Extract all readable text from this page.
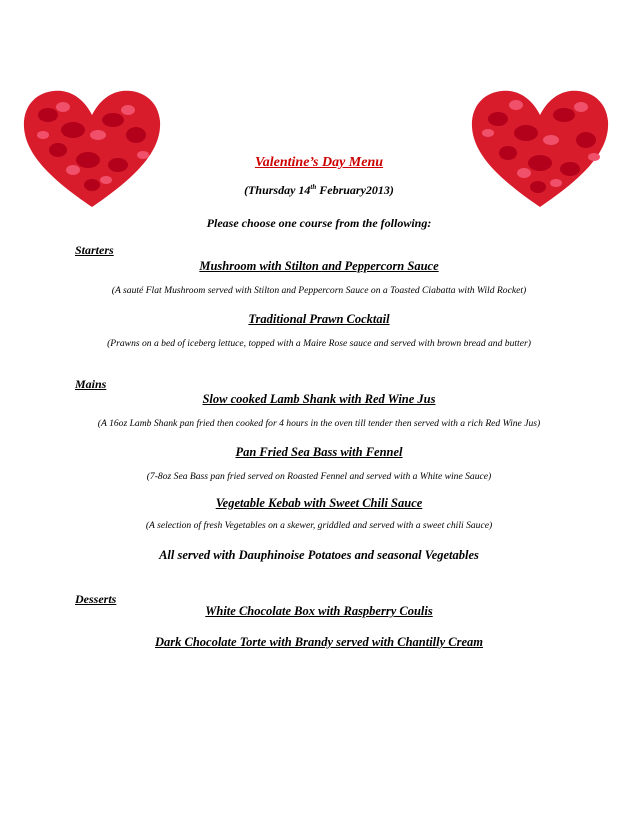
Valentine’s Day Menu
(Thursday 14th February2013)
Please choose one course from the following:
Starters
Mushroom with Stilton and Peppercorn Sauce
(A sauté Flat Mushroom served with Stilton and Peppercorn Sauce on a Toasted Ciabatta with Wild Rocket)
Traditional Prawn Cocktail
(Prawns on a bed of iceberg lettuce, topped with a Maire Rose sauce and served with brown bread and butter)
Mains
Slow cooked Lamb Shank with Red Wine Jus
(A 16oz Lamb Shank pan fried then cooked for 4 hours in the oven till tender then served with a rich Red Wine Jus)
Pan Fried Sea Bass with Fennel
(7-8oz Sea Bass pan fried served on Roasted Fennel and served with a White wine Sauce)
Vegetable Kebab with Sweet Chili Sauce
(A selection of fresh Vegetables on a skewer, griddled and served with a sweet chili Sauce)
All served with Dauphinoise Potatoes and seasonal Vegetables
Desserts
White Chocolate Box with Raspberry Coulis
Dark Chocolate Torte with Brandy served with Chantilly Cream
